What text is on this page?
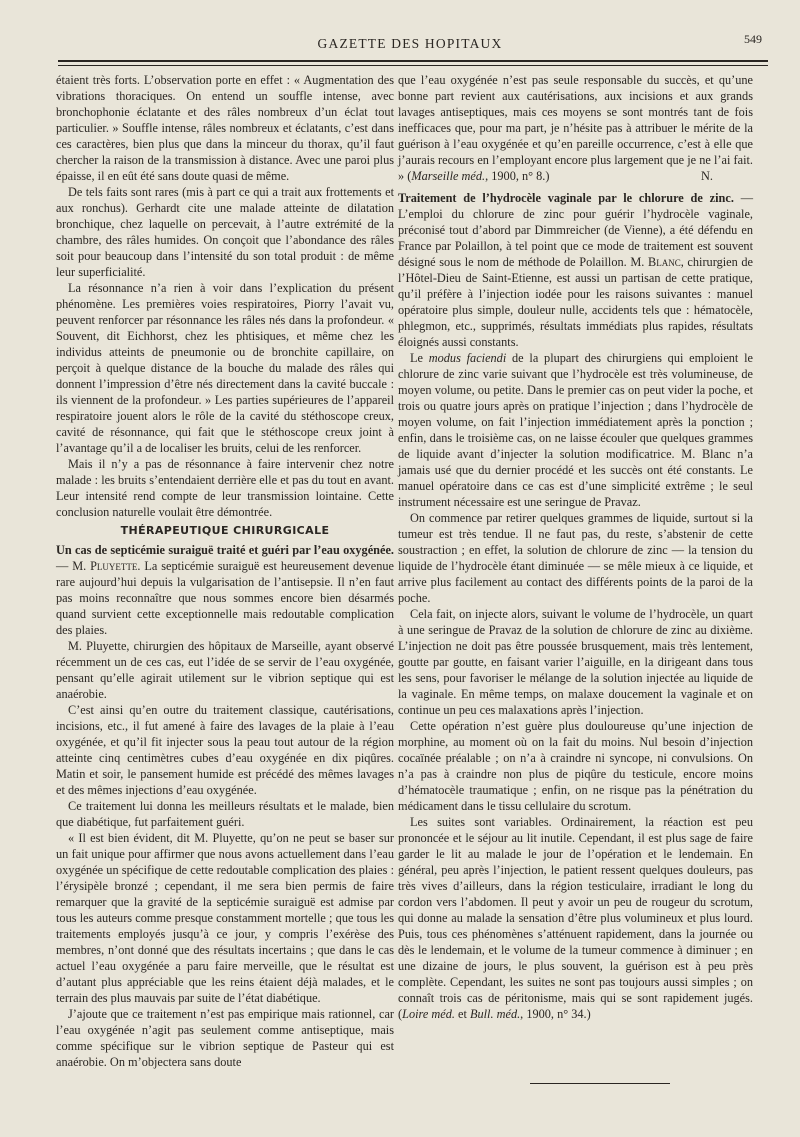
GAZETTE DES HOPITAUX	549

étaient très forts. L’observation porte en effet : « Augmentation des vibrations thoraciques. On entend un souffle intense, avec bronchophonie éclatante et des râles nombreux d’un éclat tout particulier. » Souffle intense, râles nombreux et éclatants, c’est dans ces caractères, bien plus que dans la minceur du thorax, qu’il faut chercher la raison de la transmission à distance. Avec une paroi plus épaisse, il en eût été sans doute quasi de même.

De tels faits sont rares (mis à part ce qui a trait aux frottements et aux ronchus). Gerhardt cite une malade atteinte de dilatation bronchique, chez laquelle on percevait, à l’autre extrémité de la chambre, des râles humides. On conçoit que l’abondance des râles soit pour beaucoup dans l’intensité du son total produit : de même leur superficialité.

La résonnance n’a rien à voir dans l’explication du présent phénomène. Les premières voies respiratoires, Piorry l’avait vu, peuvent renforcer par résonnance les râles nés dans la profondeur. « Souvent, dit Eichhorst, chez les phtisiques, et même chez les individus atteints de pneumonie ou de bronchite capillaire, on perçoit à quelque distance de la bouche du malade des râles qui donnent l’impression d’être nés directement dans la cavité buccale : ils viennent de la profondeur. » Les parties supérieures de l’appareil respiratoire jouent alors le rôle de la cavité du stéthoscope creux, cavité de résonnance, qui fait que le stéthoscope creux joint à l’avantage qu’il a de localiser les bruits, celui de les renforcer.

Mais il n’y a pas de résonnance à faire intervenir chez notre malade : les bruits s’entendaient derrière elle et pas du tout en avant. Leur intensité rend compte de leur transmission lointaine. Cette conclusion naturelle voulait être démontrée.

THÉRAPEUTIQUE CHIRURGICALE

Un cas de septicémie suraiguë traité et guéri par l’eau oxygénée. — M. Pluyette. La septicémie suraiguë est heureusement devenue rare aujourd’hui depuis la vulgarisation de l’antisepsie. Il n’en faut pas moins reconnaître que nous sommes encore bien désarmés quand survient cette exceptionnelle mais redoutable complication des plaies.

M. Pluyette, chirurgien des hôpitaux de Marseille, ayant observé récemment un de ces cas, eut l’idée de se servir de l’eau oxygénée, pensant qu’elle agirait utilement sur le vibrion septique qui est anaérobie.

C’est ainsi qu’en outre du traitement classique, cautérisations, incisions, etc., il fut amené à faire des lavages de la plaie à l’eau oxygénée, et qu’il fit injecter sous la peau tout autour de la région atteinte cinq centimètres cubes d’eau oxygénée en dix piqûres. Matin et soir, le pansement humide est précédé des mêmes lavages et des mêmes injections d’eau oxygénée.

Ce traitement lui donna les meilleurs résultats et le malade, bien que diabétique, fut parfaitement guéri.

« Il est bien évident, dit M. Pluyette, qu’on ne peut se baser sur un fait unique pour affirmer que nous avons actuellement dans l’eau oxygénée un spécifique de cette redoutable complication des plaies : l’érysipèle bronzé ; cependant, il me sera bien permis de faire remarquer que la gravité de la septicémie suraiguë est admise par tous les auteurs comme presque constamment mortelle ; que tous les traitements employés jusqu’à ce jour, y compris l’exérèse des membres, n’ont donné que des résultats incertains ; que dans le cas actuel l’eau oxygénée a paru faire merveille, que le résultat est d’autant plus appréciable que les reins étaient déjà malades, et le terrain des plus mauvais par suite de l’état diabétique.

J’ajoute que ce traitement n’est pas empirique mais rationnel, car l’eau oxygénée n’agit pas seulement comme antiseptique, mais comme spécifique sur le vibrion septique de Pasteur qui est anaérobie. On m’objectera sans doute

que l’eau oxygénée n’est pas seule responsable du succès, et qu’une bonne part revient aux cautérisations, aux incisions et aux grands lavages antiseptiques, mais ces moyens se sont montrés tant de fois inefficaces que, pour ma part, je n’hésite pas à attribuer le mérite de la guérison à l’eau oxygénée et qu’en pareille occurrence, c’est à elle que j’aurais recours en l’employant encore plus largement que je ne l’ai fait. » (Marseille méd., 1900, n° 8.)	N.

Traitement de l’hydrocèle vaginale par le chlorure de zinc. — L’emploi du chlorure de zinc pour guérir l’hydrocèle vaginale, préconisé tout d’abord par Dimmreicher (de Vienne), a été défendu en France par Polaillon, à tel point que ce mode de traitement est souvent désigné sous le nom de méthode de Polaillon. M. Blanc, chirurgien de l’Hôtel-Dieu de Saint-Etienne, est aussi un partisan de cette pratique, qu’il préfère à l’injection iodée pour les raisons suivantes : manuel opératoire plus simple, douleur nulle, accidents tels que : hématocèle, phlegmon, etc., supprimés, résultats immédiats plus rapides, résultats éloignés aussi constants.

Le modus faciendi de la plupart des chirurgiens qui emploient le chlorure de zinc varie suivant que l’hydrocèle est très volumineuse, de moyen volume, ou petite. Dans le premier cas on peut vider la poche, et trois ou quatre jours après on pratique l’injection ; dans l’hydrocèle de moyen volume, on fait l’injection immédiatement après la ponction ; enfin, dans le troisième cas, on ne laisse écouler que quelques grammes de liquide avant d’injecter la solution modificatrice. M. Blanc n’a jamais usé que du dernier procédé et les succès ont été constants. Le manuel opératoire dans ce cas est d’une simplicité extrême ; le seul instrument nécessaire est une seringue de Pravaz.

On commence par retirer quelques grammes de liquide, surtout si la tumeur est très tendue. Il ne faut pas, du reste, s’abstenir de cette soustraction ; en effet, la solution de chlorure de zinc — la tension du liquide de l’hydrocèle étant diminuée — se mêle mieux à ce liquide, et arrive plus facilement au contact des différents points de la paroi de la poche.

Cela fait, on injecte alors, suivant le volume de l’hydrocèle, un quart à une seringue de Pravaz de la solution de chlorure de zinc au dixième. L’injection ne doit pas être poussée brusquement, mais très lentement, goutte par goutte, en faisant varier l’aiguille, en la dirigeant dans tous les sens, pour favoriser le mélange de la solution injectée au liquide de la vaginale. En même temps, on malaxe doucement la vaginale et on continue un peu ces malaxations après l’injection.

Cette opération n’est guère plus douloureuse qu’une injection de morphine, au moment où on la fait du moins. Nul besoin d’injection cocaïnée préalable ; on n’a à craindre ni syncope, ni convulsions. On n’a pas à craindre non plus de piqûre du testicule, encore moins d’hématocèle traumatique ; enfin, on ne risque pas la pénétration du médicament dans le tissu cellulaire du scrotum.

Les suites sont variables. Ordinairement, la réaction est peu prononcée et le séjour au lit inutile. Cependant, il est plus sage de faire garder le lit au malade le jour de l’opération et le lendemain. En général, peu après l’injection, le patient ressent quelques douleurs, pas très vives d’ailleurs, dans la région testiculaire, irradiant le long du cordon vers l’abdomen. Il peut y avoir un peu de rougeur du scrotum, qui donne au malade la sensation d’être plus volumineux et plus lourd. Puis, tous ces phénomènes s’atténuent rapidement, dans la journée ou dès le lendemain, et le volume de la tumeur commence à diminuer ; en une dizaine de jours, le plus souvent, la guérison est à peu près complète. Cependant, les suites ne sont pas toujours aussi simples ; on connaît trois cas de péritonisme, mais qui se sont rapidement jugés. (Loire méd. et Bull. méd., 1900, n° 34.)
